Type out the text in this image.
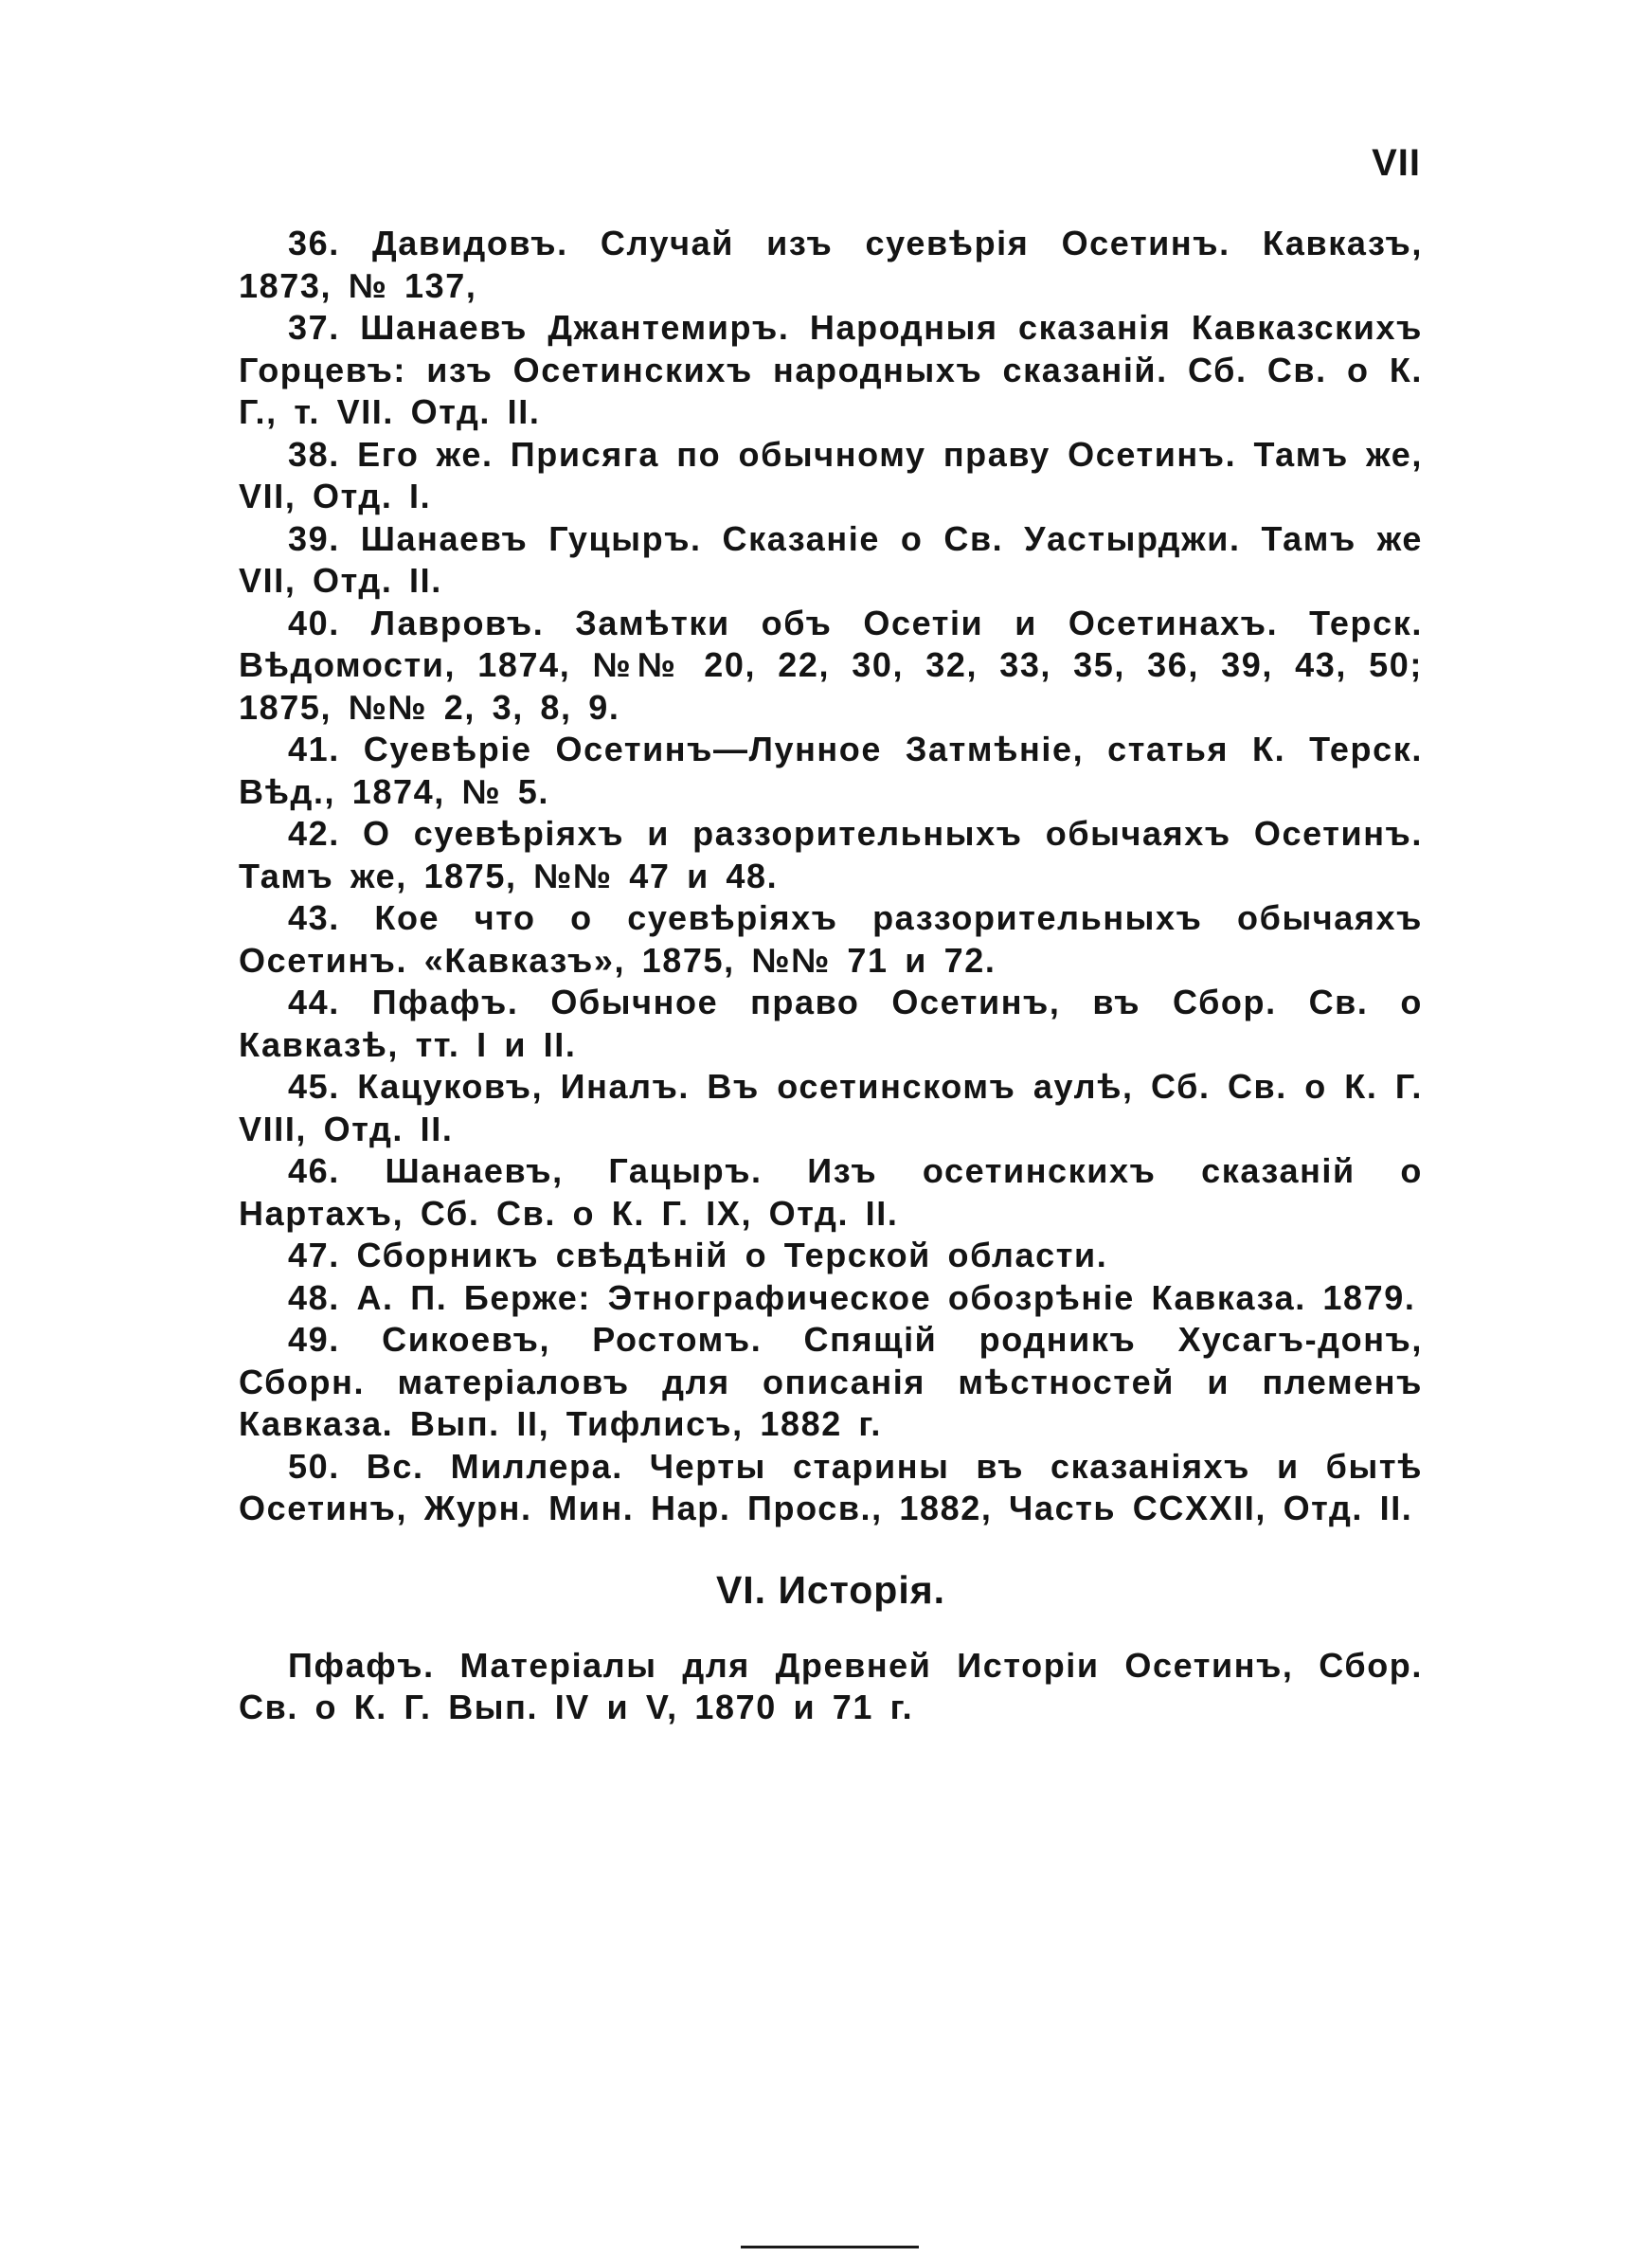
VII

36. Давидовъ. Случай изъ суевѣрія Осетинъ. Кавказъ, 1873, № 137,

37. Шанаевъ Джантемиръ. Народныя сказанія Кавказскихъ Горцевъ: изъ Осетинскихъ народныхъ сказаній. Сб. Св. о К. Г., т. VII. Отд. II.

38. Его же. Присяга по обычному праву Осетинъ. Тамъ же, VII, Отд. I.

39. Шанаевъ Гуцыръ. Сказаніе о Св. Уастырджи. Тамъ же VII, Отд. II.

40. Лавровъ. Замѣтки объ Осетіи и Осетинахъ. Терск. Вѣдомости, 1874, №№ 20, 22, 30, 32, 33, 35, 36, 39, 43, 50; 1875, №№ 2, 3, 8, 9.

41. Суевѣріе Осетинъ—Лунное Затмѣніе, статья К. Терск. Вѣд., 1874, № 5.

42. О суевѣріяхъ и раззорительныхъ обычаяхъ Осетинъ. Тамъ же, 1875, №№ 47 и 48.

43. Кое что о суевѣріяхъ раззорительныхъ обычаяхъ Осетинъ. «Кавказъ», 1875, №№ 71 и 72.

44. Пфафъ. Обычное право Осетинъ, въ Сбор. Св. о Кавказѣ, тт. I и II.

45. Кацуковъ, Иналъ. Въ осетинскомъ аулѣ, Сб. Св. о К. Г. VIII, Отд. II.

46. Шанаевъ, Гацыръ. Изъ осетинскихъ сказаній о Нартахъ, Сб. Св. о К. Г. IX, Отд. II.

47. Сборникъ свѣдѣній о Терской области.

48. А. П. Берже: Этнографическое обозрѣніе Кавказа. 1879.

49. Сикоевъ, Ростомъ. Спящій родникъ Хусагъ-донъ, Сборн. матеріаловъ для описанія мѣстностей и племенъ Кавказа. Вып. II, Тифлисъ, 1882 г.

50. Вс. Миллера. Черты старины въ сказаніяхъ и бытѣ Осетинъ, Журн. Мин. Нар. Просв., 1882, Часть CCXXII, Отд. II.

VI. Исторія.

Пфафъ. Матеріалы для Древней Исторіи Осетинъ, Сбор. Св. о К. Г. Вып. IV и V, 1870 и 71 г.
